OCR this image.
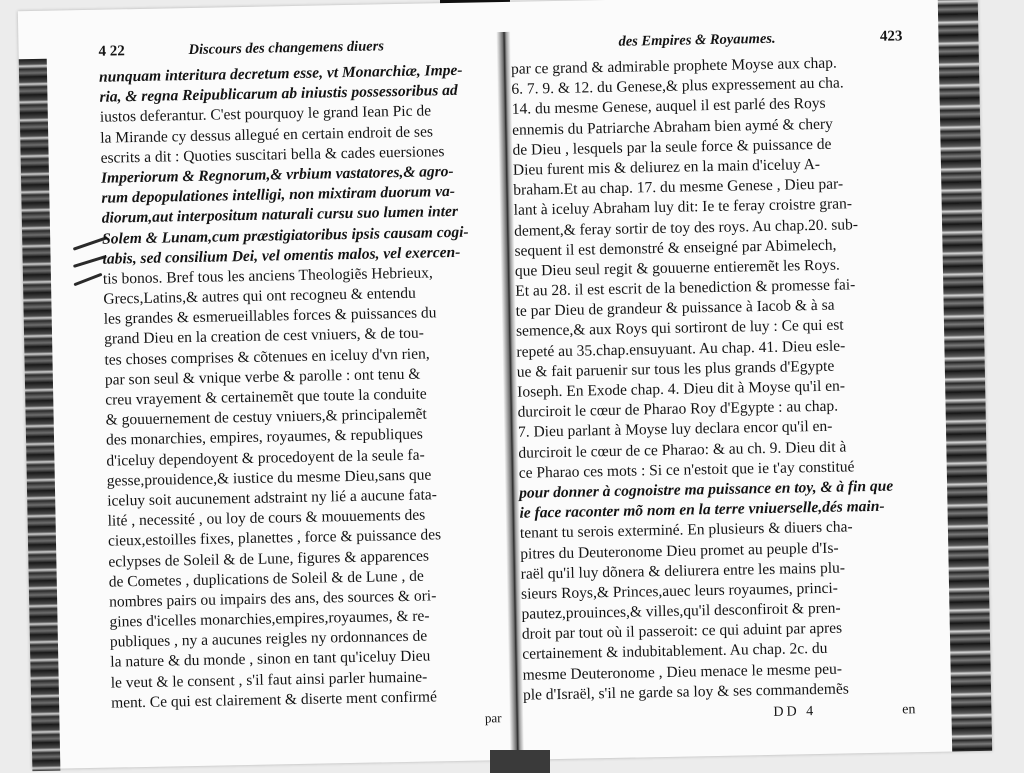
4 22	Discours des changemens diuers
nunquam interitura decretum esse, vt Monarchiæ, Impe-
ria, & regna Reipublicarum ab iniustis possessoribus ad
iustos deferantur. C'est pourquoy le grand Iean Pic de
la Mirande cy dessus allegué en certain endroit de ses
escrits a dit : Quoties suscitari bella & cades euersiones
Imperiorum & Regnorum,& vrbium vastatores,& agro-
rum depopulationes intelligi, non mixtiram duorum va-
diorum,aut interpositum naturali cursu suo lumen inter
Solem & Lunam,cum præstigiatoribus ipsis causam cogi-
tabis, sed consilium Dei, vel omentis malos, vel exercen-
tis bonos. Bref tous les anciens Theologiẽs Hebrieux,
Grecs,Latins,& autres qui ont recogneu & entendu
les grandes & esmerueillables forces & puissances du
grand Dieu en la creation de cest vniuers, & de tou-
tes choses comprises & cõtenues en iceluy d'vn rien,
par son seul & vnique verbe & parolle : ont tenu &
creu vrayement & certainemẽt que toute la conduite
& gouuernement de cestuy vniuers,& principalemẽt
des monarchies, empires, royaumes, & republiques
d'iceluy dependoyent & procedoyent de la seule fa-
gesse,prouidence,& iustice du mesme Dieu,sans que
iceluy soit aucunement adstraint ny lié a aucune fata-
lité , necessité , ou loy de cours & mouuements des
cieux,estoilles fixes, planettes , force & puissance des
eclypses de Soleil & de Lune, figures & apparences
de Cometes , duplications de Soleil & de Lune , de
nombres pairs ou impairs des ans, des sources & ori-
gines d'icelles monarchies,empires,royaumes, & re-
publiques , ny a aucunes reigles ny ordonnances de
la nature & du monde , sinon en tant qu'iceluy Dieu
le veut & le consent , s'il faut ainsi parler humaine-
ment. Ce qui est clairement & diserte ment confirmé
par
des Empires & Royaumes.	423
par ce grand & admirable prophete Moyse aux chap.
6. 7. 9. & 12. du Genese,& plus expressement au cha.
14. du mesme Genese, auquel il est parlé des Roys
ennemis du Patriarche Abraham bien aymé & chery
de Dieu , lesquels par la seule force & puissance de
Dieu furent mis & deliurez en la main d'iceluy A-
braham.Et au chap. 17. du mesme Genese , Dieu par-
lant à iceluy Abraham luy dit: Ie te feray croistre gran-
dement,& feray sortir de toy des roys. Au chap.20. sub-
sequent il est demonstré & enseigné par Abimelech,
que Dieu seul regit & gouuerne entieremẽt les Roys.
Et au 28. il est escrit de la benediction & promesse fai-
te par Dieu de grandeur & puissance à Iacob & à sa
semence,& aux Roys qui sortiront de luy : Ce qui est
repeté au 35.chap.ensuyuant. Au chap. 41. Dieu esle-
ue & fait paruenir sur tous les plus grands d'Egypte
Ioseph. En Exode chap. 4. Dieu dit à Moyse qu'il en-
durciroit le cœur de Pharao Roy d'Egypte : au chap.
7. Dieu parlant à Moyse luy declara encor qu'il en-
durciroit le cœur de ce Pharao: & au ch. 9. Dieu dit à
ce Pharao ces mots : Si ce n'estoit que ie t'ay constitué
pour donner à cognoistre ma puissance en toy, & à fin que
ie face raconter mõ nom en la terre vniuerselle,dés main-
tenant tu serois exterminé. En plusieurs & diuers cha-
pitres du Deuteronome Dieu promet au peuple d'Is-
raël qu'il luy dõnera & deliurera entre les mains plu-
sieurs Roys,& Princes,auec leurs royaumes, princi-
pautez,prouinces,& villes,qu'il desconfiroit & pren-
droit par tout où il passeroit: ce qui aduint par apres
certainement & indubitablement. Au chap. 2c. du
mesme Deuteronome , Dieu menace le mesme peu-
ple d'Israël, s'il ne garde sa loy & ses commandemẽs
DD 4	en
